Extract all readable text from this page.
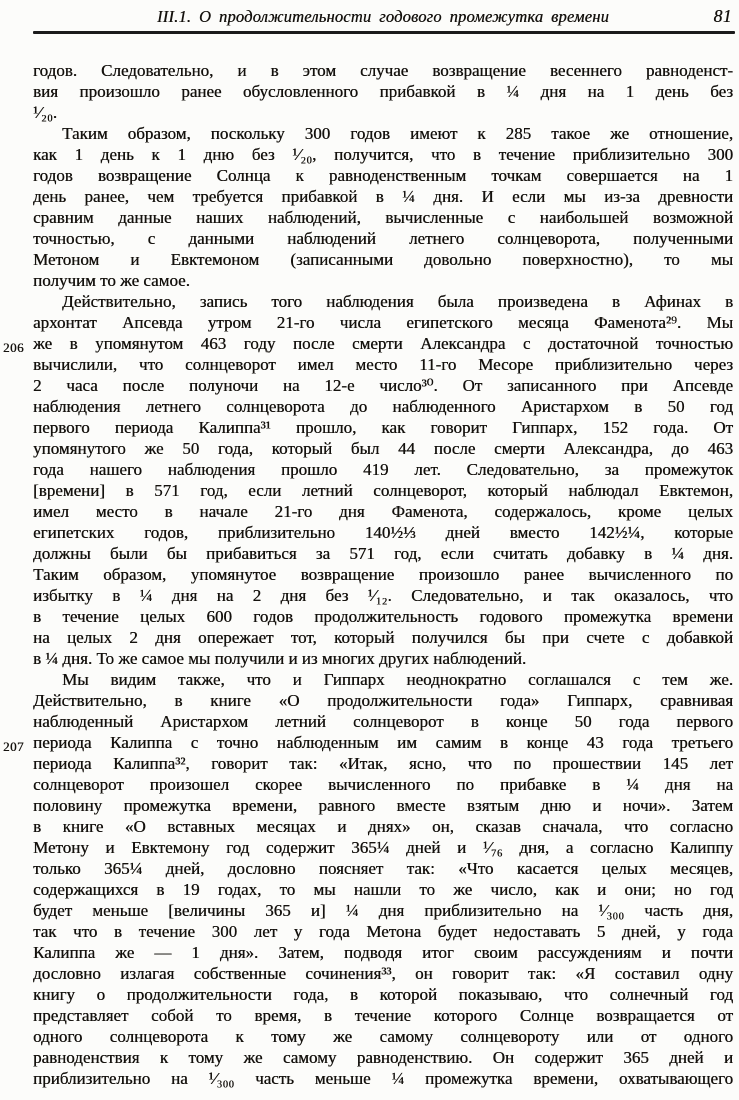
III.1. О продолжительности годового промежутка времени	81
годов. Следовательно, и в этом случае возвращение весеннего равноденст-
вия произошло ранее обусловленного прибавкой в ¼ дня на 1 день без
¹⁄₂₀.
Таким образом, поскольку 300 годов имеют к 285 такое же отношение,
как 1 день к 1 дню без ¹⁄₂₀, получится, что в течение приблизительно 300
годов возвращение Солнца к равноденственным точкам совершается на 1
день ранее, чем требуется прибавкой в ¼ дня. И если мы из-за древности
сравним данные наших наблюдений, вычисленные с наибольшей возможной
точностью, с данными наблюдений летнего солнцеворота, полученными
Метоном и Евктемоном (записанными довольно поверхностно), то мы
получим то же самое.
Действительно, запись того наблюдения была произведена в Афинах в
архонтат Апсевда утром 21-го числа египетского месяца Фаменота²⁹. Мы
же в упомянутом 463 году после смерти Александра с достаточной точностью
206
вычислили, что солнцеворот имел место 11-го Месоре приблизительно через
2 часа после полуночи на 12-е число³⁰. От записанного при Апсевде
наблюдения летнего солнцеворота до наблюденного Аристархом в 50 год
первого периода Калиппа³¹ прошло, как говорит Гиппарх, 152 года. От
упомянутого же 50 года, который был 44 после смерти Александра, до 463
года нашего наблюдения прошло 419 лет. Следовательно, за промежуток
[времени] в 571 год, если летний солнцеворот, который наблюдал Евктемон,
имел место в начале 21-го дня Фаменота, содержалось, кроме целых
египетских годов, приблизительно 140½⅓ дней вместо 142½¼, которые
должны были бы прибавиться за 571 год, если считать добавку в ¼ дня.
Таким образом, упомянутое возвращение произошло ранее вычисленного по
избытку в ¼ дня на 2 дня без ¹⁄₁₂. Следовательно, и так оказалось, что
в течение целых 600 годов продолжительность годового промежутка времени
на целых 2 дня опережает тот, который получился бы при счете с добавкой
в ¼ дня. То же самое мы получили и из многих других наблюдений.
Мы видим также, что и Гиппарх неоднократно соглашался с тем же.
Действительно, в книге «О продолжительности года» Гиппарх, сравнивая
наблюденный Аристархом летний солнцеворот в конце 50 года первого
периода Калиппа с точно наблюденным им самим в конце 43 года третьего
207
периода Калиппа³², говорит так: «Итак, ясно, что по прошествии 145 лет
солнцеворот произошел скорее вычисленного по прибавке в ¼ дня на
половину промежутка времени, равного вместе взятым дню и ночи». Затем
в книге «О вставных месяцах и днях» он, сказав сначала, что согласно
Метону и Евктемону год содержит 365¼ дней и ¹⁄₇₆ дня, а согласно Калиппу
только 365¼ дней, дословно поясняет так: «Что касается целых месяцев,
содержащихся в 19 годах, то мы нашли то же число, как и они; но год
будет меньше [величины 365 и] ¼ дня приблизительно на ¹⁄₃₀₀ часть дня,
так что в течение 300 лет у года Метона будет недоставать 5 дней, у года
Калиппа же — 1 дня». Затем, подводя итог своим рассуждениям и почти
дословно излагая собственные сочинения³³, он говорит так: «Я составил одну
книгу о продолжительности года, в которой показываю, что солнечный год
представляет собой то время, в течение которого Солнце возвращается от
одного солнцеворота к тому же самому солнцевороту или от одного
равноденствия к тому же самому равноденствию. Он содержит 365 дней и
приблизительно на ¹⁄₃₀₀ часть меньше ¼ промежутка времени, охватывающего
